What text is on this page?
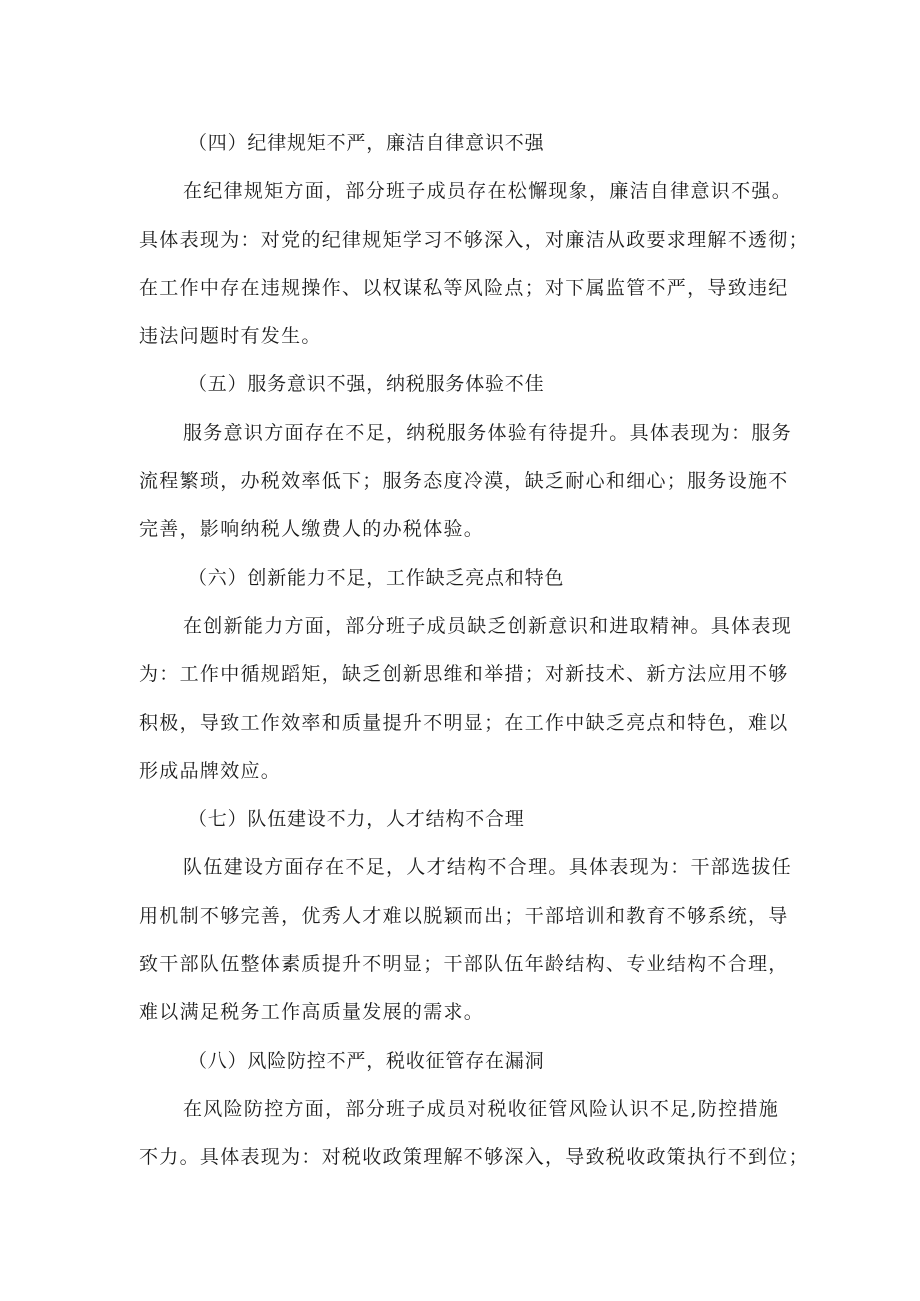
（四）纪律规矩不严，廉洁自律意识不强
在纪律规矩方面，部分班子成员存在松懈现象，廉洁自律意识不强。
具体表现为：对党的纪律规矩学习不够深入，对廉洁从政要求理解不透彻；
在工作中存在违规操作、以权谋私等风险点；对下属监管不严，导致违纪
违法问题时有发生。
（五）服务意识不强，纳税服务体验不佳
服务意识方面存在不足，纳税服务体验有待提升。具体表现为：服务
流程繁琐，办税效率低下；服务态度冷漠，缺乏耐心和细心；服务设施不
完善，影响纳税人缴费人的办税体验。
（六）创新能力不足，工作缺乏亮点和特色
在创新能力方面，部分班子成员缺乏创新意识和进取精神。具体表现
为：工作中循规蹈矩，缺乏创新思维和举措；对新技术、新方法应用不够
积极，导致工作效率和质量提升不明显；在工作中缺乏亮点和特色，难以
形成品牌效应。
（七）队伍建设不力，人才结构不合理
队伍建设方面存在不足，人才结构不合理。具体表现为：干部选拔任
用机制不够完善，优秀人才难以脱颖而出；干部培训和教育不够系统，导
致干部队伍整体素质提升不明显；干部队伍年龄结构、专业结构不合理，
难以满足税务工作高质量发展的需求。
（八）风险防控不严，税收征管存在漏洞
在风险防控方面，部分班子成员对税收征管风险认识不足,防控措施
不力。具体表现为：对税收政策理解不够深入，导致税收政策执行不到位；
